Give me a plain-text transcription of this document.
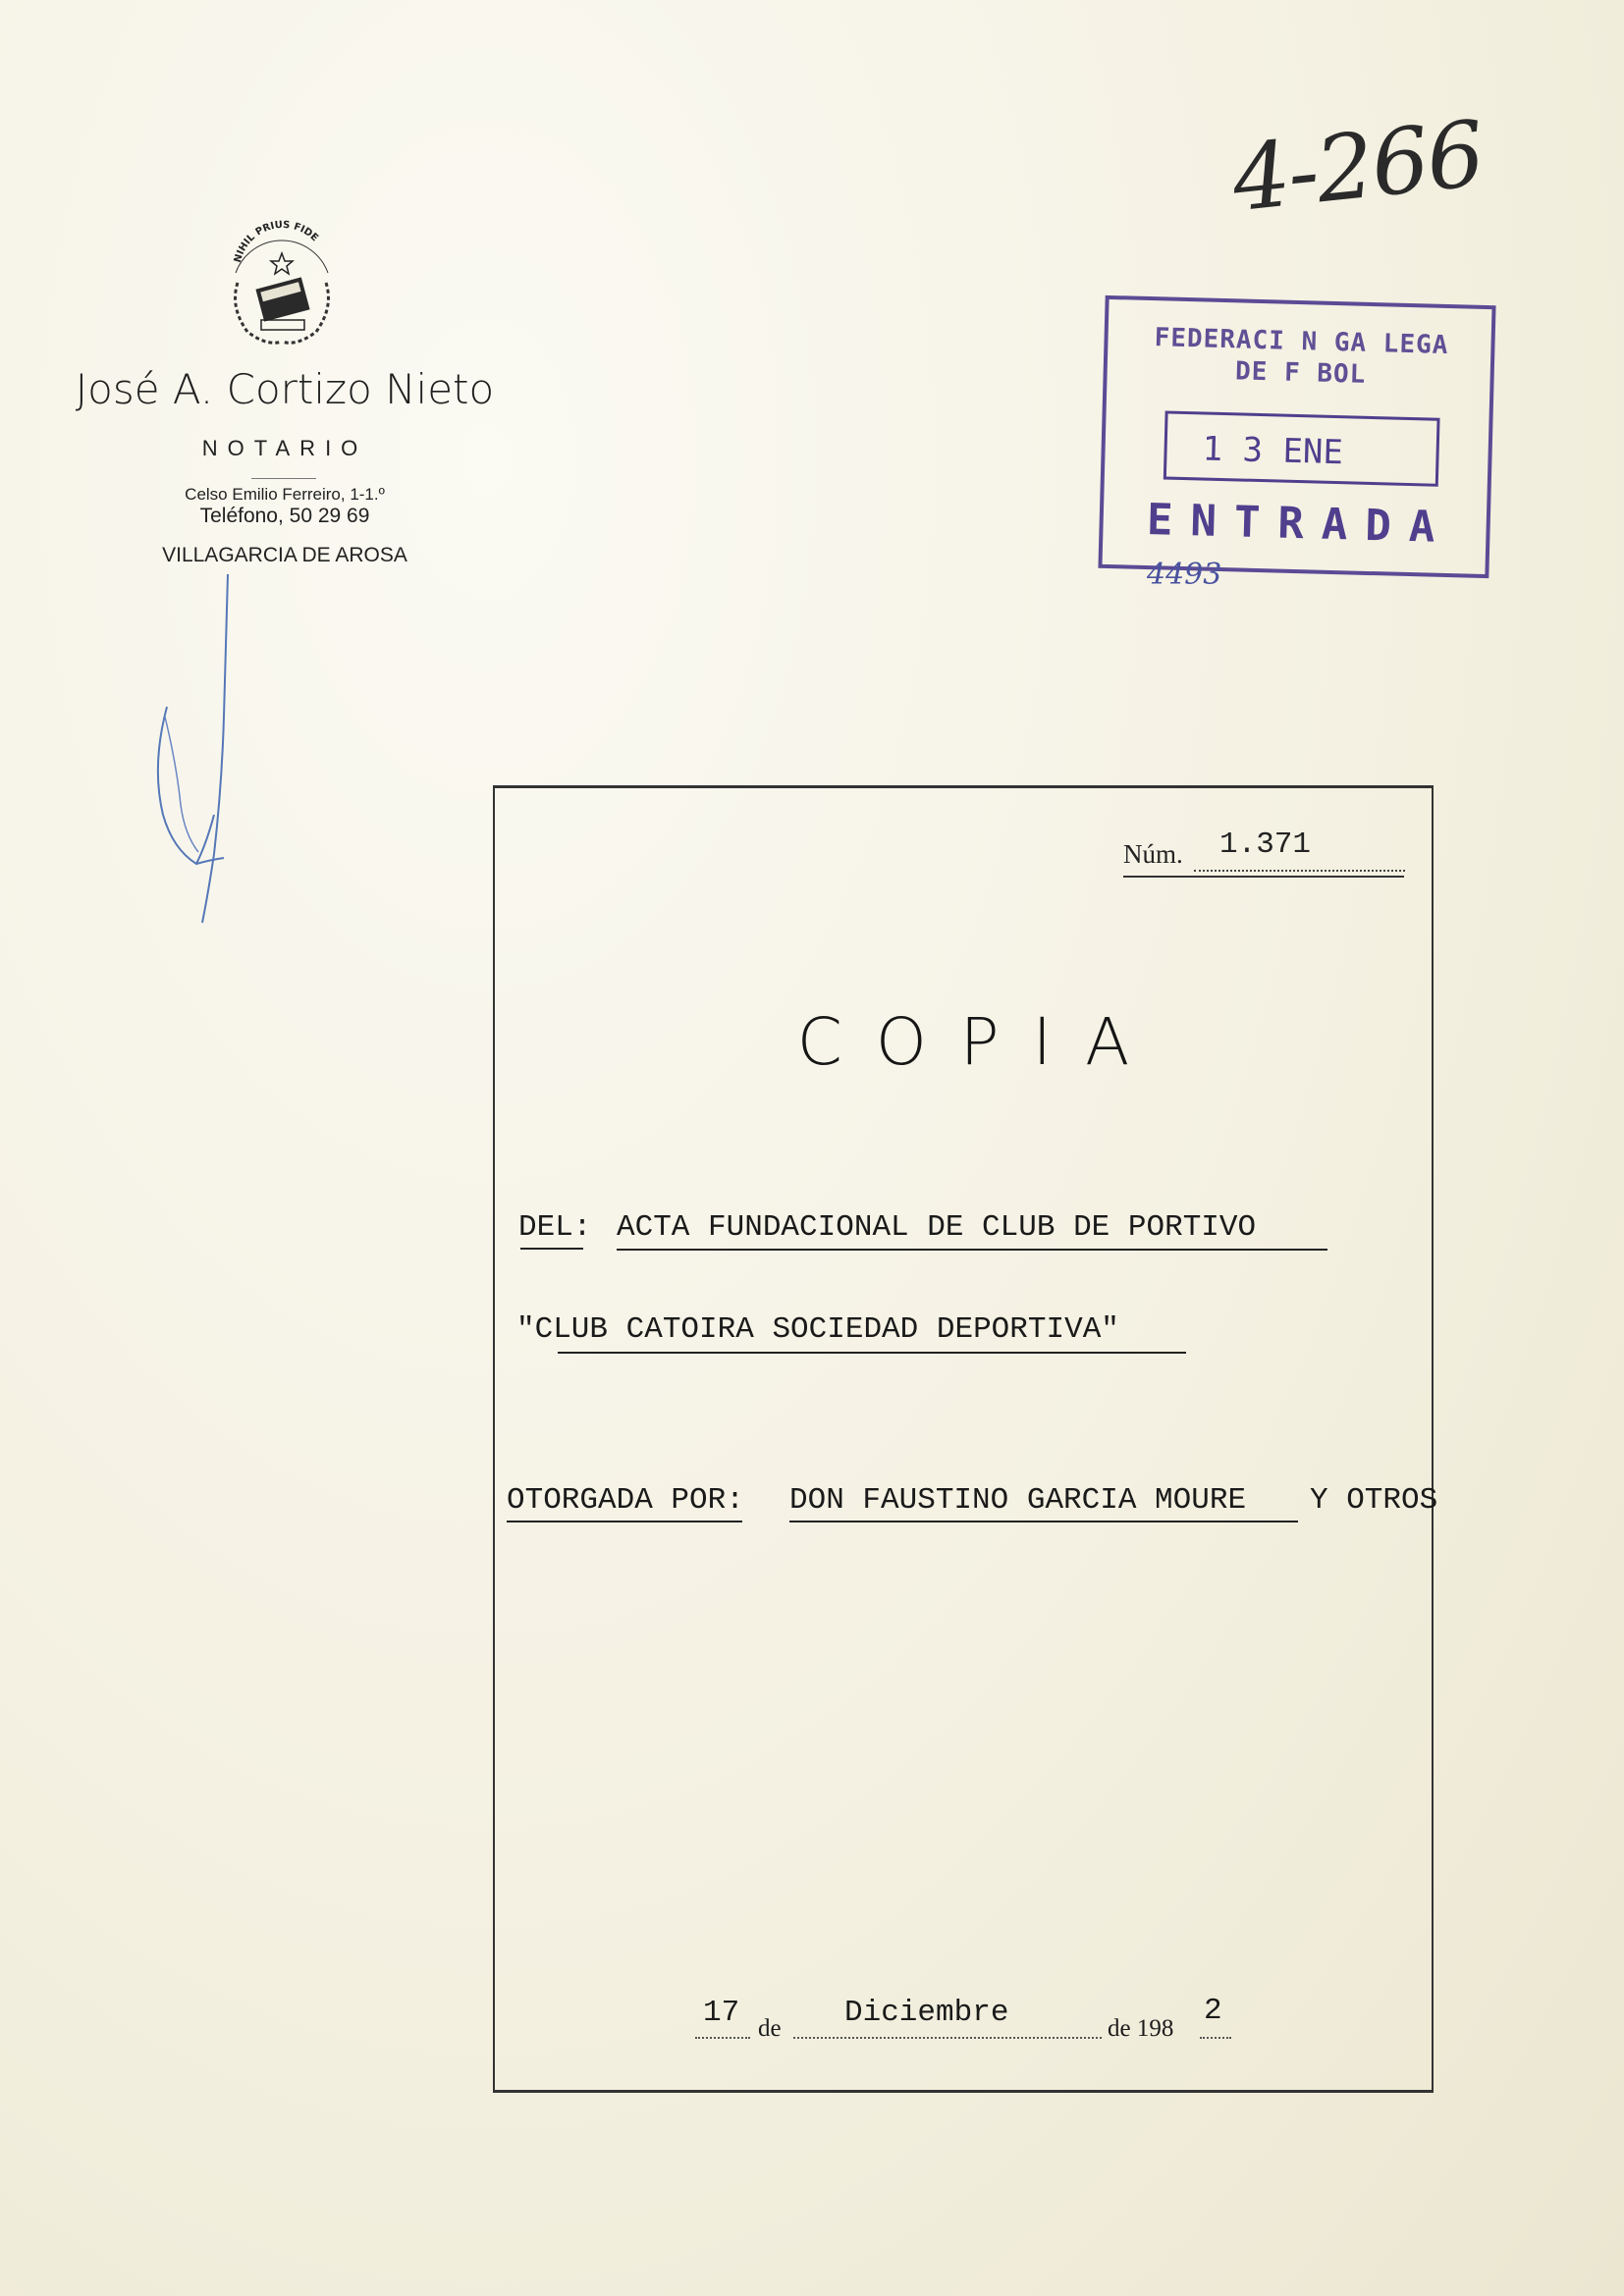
4-266
NIHIL PRIUS FIDE
José A. Cortizo Nieto
NOTARIO
Celso Emilio Ferreiro, 1-1.º
Teléfono, 50 29 69
VILLAGARCIA DE AROSA
FEDERACI N GA LEGA
DE F BOL
1 3 ENE
ENTRADA
4493
Núm. 1.371
COPIA
DEL: ACTA FUNDACIONAL DE CLUB DE PORTIVO
"CLUB CATOIRA SOCIEDAD DEPORTIVA"
OTORGADA POR: DON FAUSTINO GARCIA MOURE Y OTROS
17 de Diciembre	de 198
2
